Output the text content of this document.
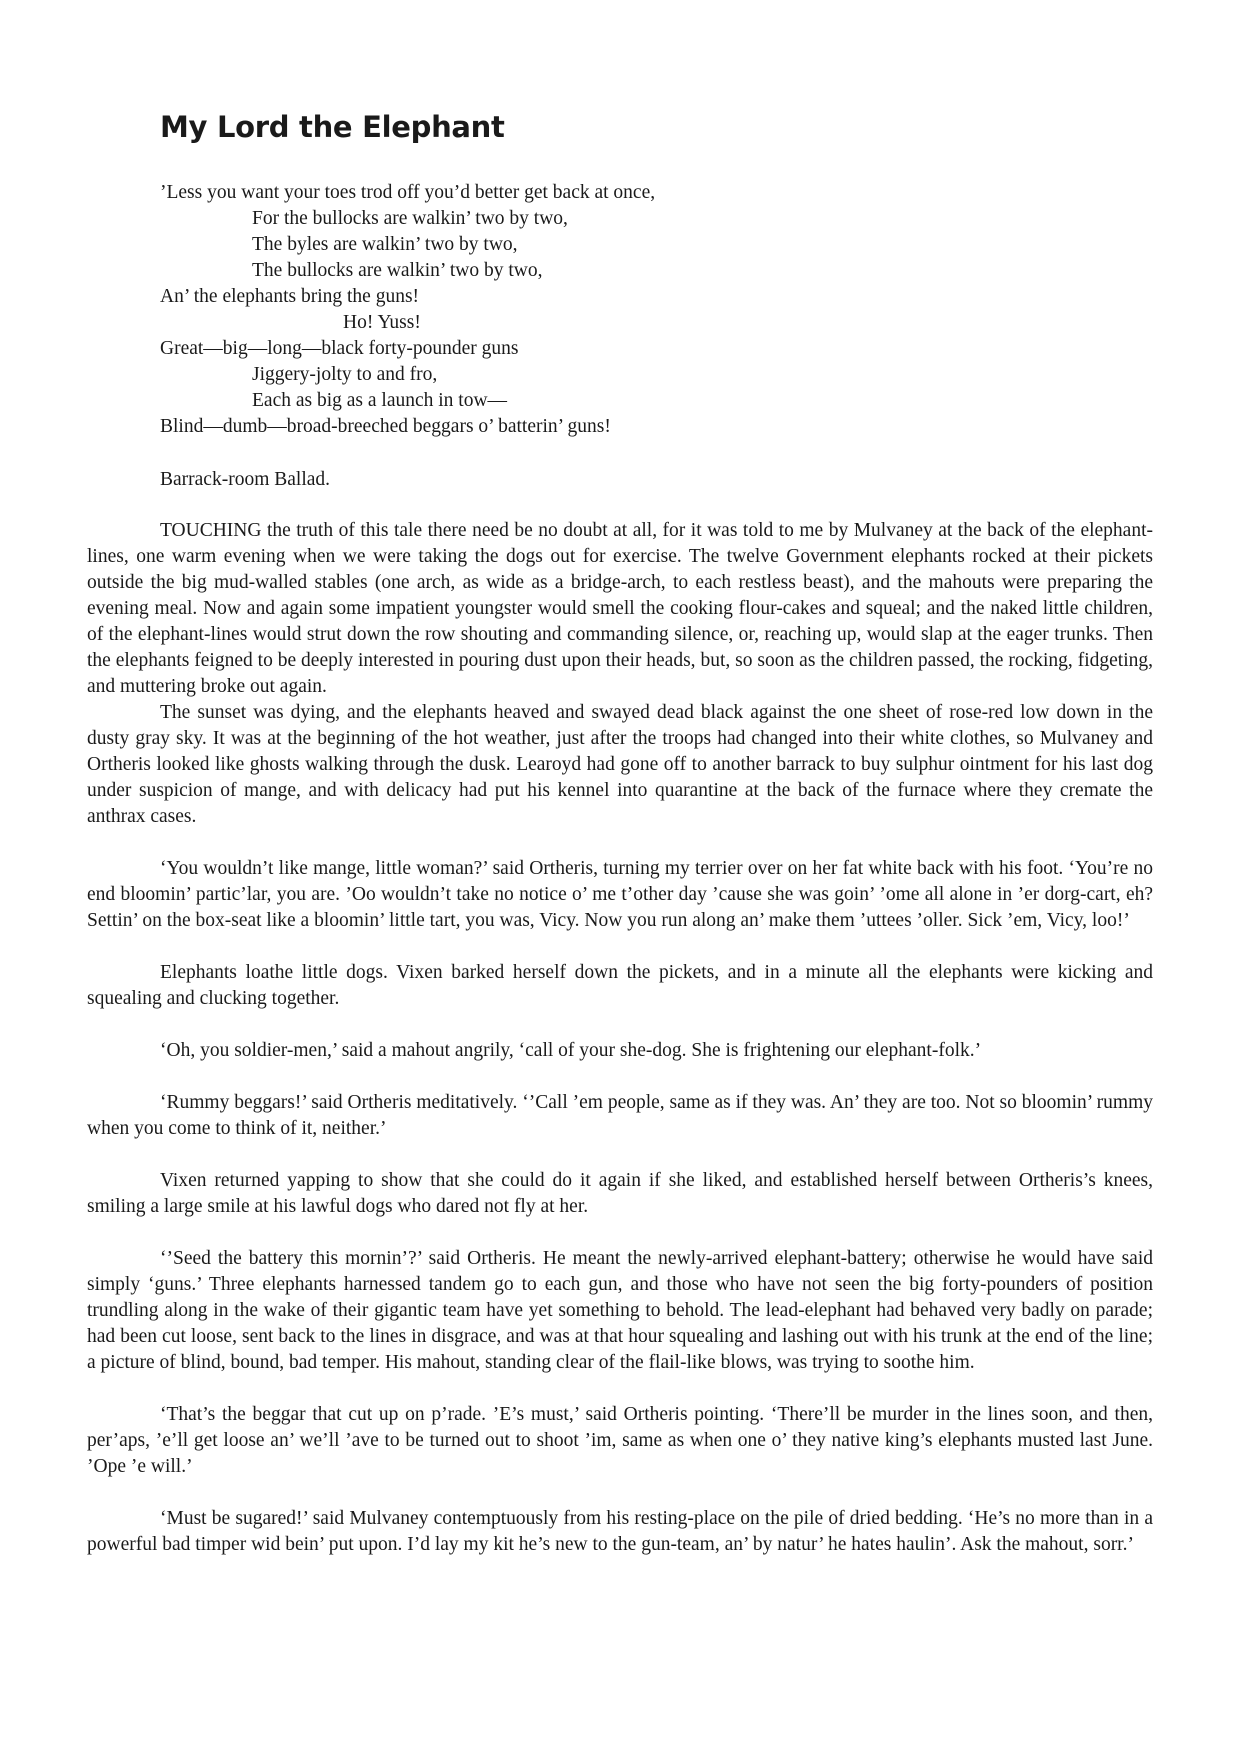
My Lord the Elephant
’Less you want your toes trod off you’d better get back at once,
For the bullocks are walkin’ two by two,
The byles are walkin’ two by two,
The bullocks are walkin’ two by two,
An’ the elephants bring the guns!
Ho! Yuss!
Great—big—long—black forty-pounder guns
Jiggery-jolty to and fro,
Each as big as a launch in tow—
Blind—dumb—broad-breeched beggars o’ batterin’ guns!
Barrack-room Ballad.

TOUCHING the truth of this tale there need be no doubt at all, for it was told to me by Mulvaney at the back of the elephant-lines, one warm evening when we were taking the dogs out for exercise. The twelve Government elephants rocked at their pickets outside the big mud-walled stables (one arch, as wide as a bridge-arch, to each restless beast), and the mahouts were preparing the evening meal. Now and again some impatient youngster would smell the cooking flour-cakes and squeal; and the naked little children, of the elephant-lines would strut down the row shouting and commanding silence, or, reaching up, would slap at the eager trunks. Then the elephants feigned to be deeply interested in pouring dust upon their heads, but, so soon as the children passed, the rocking, fidgeting, and muttering broke out again.

The sunset was dying, and the elephants heaved and swayed dead black against the one sheet of rose-red low down in the dusty gray sky. It was at the beginning of the hot weather, just after the troops had changed into their white clothes, so Mulvaney and Ortheris looked like ghosts walking through the dusk. Learoyd had gone off to another barrack to buy sulphur ointment for his last dog under suspicion of mange, and with delicacy had put his kennel into quarantine at the back of the furnace where they cremate the anthrax cases.

‘You wouldn’t like mange, little woman?’ said Ortheris, turning my terrier over on her fat white back with his foot. ‘You’re no end bloomin’ partic’lar, you are. ’Oo wouldn’t take no notice o’ me t’other day ’cause she was goin’ ’ome all alone in ’er dorg-cart, eh? Settin’ on the box-seat like a bloomin’ little tart, you was, Vicy. Now you run along an’ make them ’uttees ’oller. Sick ’em, Vicy, loo!’

Elephants loathe little dogs. Vixen barked herself down the pickets, and in a minute all the elephants were kicking and squealing and clucking together.

‘Oh, you soldier-men,’ said a mahout angrily, ‘call of your she-dog. She is frightening our elephant-folk.’

‘Rummy beggars!’ said Ortheris meditatively. ‘’Call ’em people, same as if they was. An’ they are too. Not so bloomin’ rummy when you come to think of it, neither.’

Vixen returned yapping to show that she could do it again if she liked, and established herself between Ortheris’s knees, smiling a large smile at his lawful dogs who dared not fly at her.

‘’Seed the battery this mornin’?’ said Ortheris. He meant the newly-arrived elephant-battery; otherwise he would have said simply ‘guns.’ Three elephants harnessed tandem go to each gun, and those who have not seen the big forty-pounders of position trundling along in the wake of their gigantic team have yet something to behold. The lead-elephant had behaved very badly on parade; had been cut loose, sent back to the lines in disgrace, and was at that hour squealing and lashing out with his trunk at the end of the line; a picture of blind, bound, bad temper. His mahout, standing clear of the flail-like blows, was trying to soothe him.

‘That’s the beggar that cut up on p’rade. ’E’s must,’ said Ortheris pointing. ‘There’ll be murder in the lines soon, and then, per’aps, ’e’ll get loose an’ we’ll ’ave to be turned out to shoot ’im, same as when one o’ they native king’s elephants musted last June. ’Ope ’e will.’

‘Must be sugared!’ said Mulvaney contemptuously from his resting-place on the pile of dried bedding. ‘He’s no more than in a powerful bad timper wid bein’ put upon. I’d lay my kit he’s new to the gun-team, an’ by natur’ he hates haulin’. Ask the mahout, sorr.’
